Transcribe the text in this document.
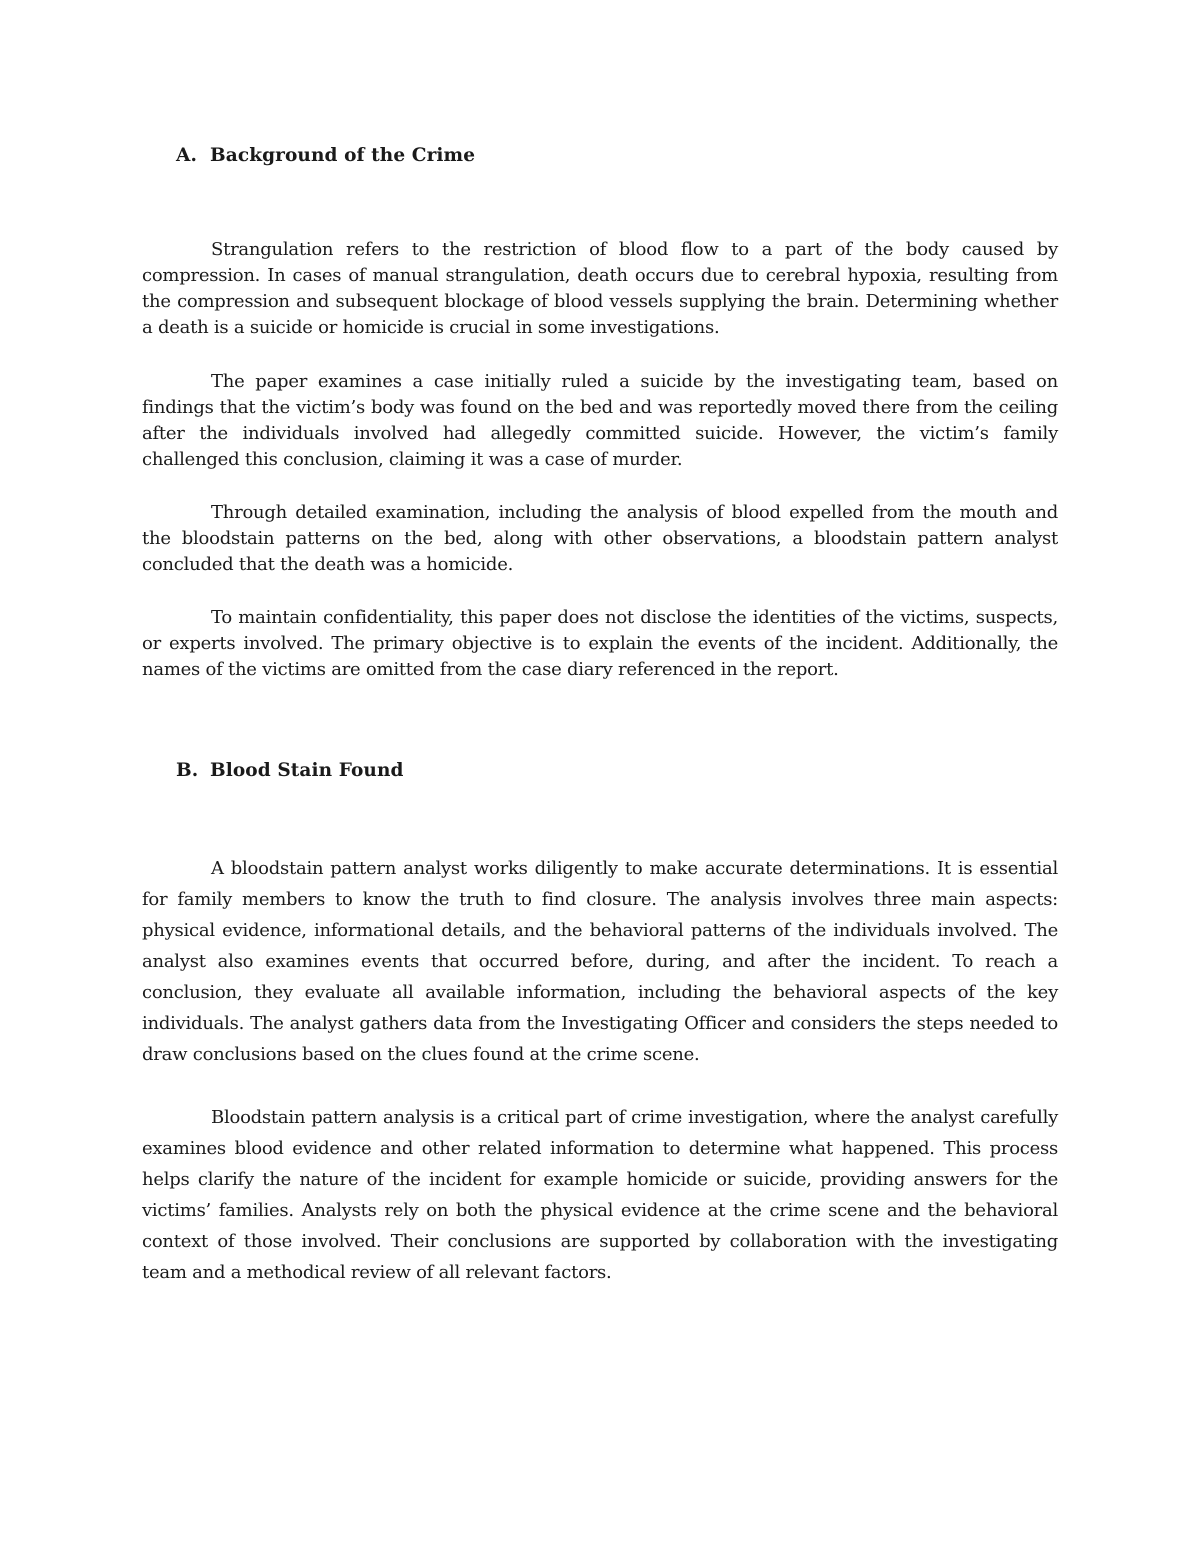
A. Background of the Crime

Strangulation refers to the restriction of blood flow to a part of the body caused by compression. In cases of manual strangulation, death occurs due to cerebral hypoxia, resulting from the compression and subsequent blockage of blood vessels supplying the brain. Determining whether a death is a suicide or homicide is crucial in some investigations.

The paper examines a case initially ruled a suicide by the investigating team, based on findings that the victim’s body was found on the bed and was reportedly moved there from the ceiling after the individuals involved had allegedly committed suicide. However, the victim’s family challenged this conclusion, claiming it was a case of murder.

Through detailed examination, including the analysis of blood expelled from the mouth and the bloodstain patterns on the bed, along with other observations, a bloodstain pattern analyst concluded that the death was a homicide.

To maintain confidentiality, this paper does not disclose the identities of the victims, suspects, or experts involved. The primary objective is to explain the events of the incident. Additionally, the names of the victims are omitted from the case diary referenced in the report.

B. Blood Stain Found

A bloodstain pattern analyst works diligently to make accurate determinations. It is essential for family members to know the truth to find closure. The analysis involves three main aspects: physical evidence, informational details, and the behavioral patterns of the individuals involved. The analyst also examines events that occurred before, during, and after the incident. To reach a conclusion, they evaluate all available information, including the behavioral aspects of the key individuals. The analyst gathers data from the Investigating Officer and considers the steps needed to draw conclusions based on the clues found at the crime scene.

Bloodstain pattern analysis is a critical part of crime investigation, where the analyst carefully examines blood evidence and other related information to determine what happened. This process helps clarify the nature of the incident for example homicide or suicide, providing answers for the victims’ families. Analysts rely on both the physical evidence at the crime scene and the behavioral context of those involved. Their conclusions are supported by collaboration with the investigating team and a methodical review of all relevant factors.
